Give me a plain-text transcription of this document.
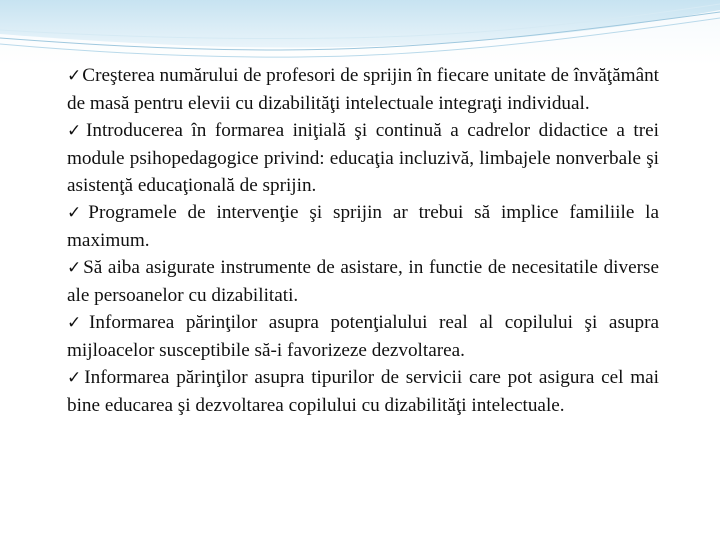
✓Creşterea numărului de profesori de sprijin în fiecare unitate de învăţământ de masă pentru elevii cu dizabilităţi intelectuale integraţi individual.

✓Introducerea în formarea iniţială şi continuă a cadrelor didactice a trei module psihopedagogice privind: educaţia incluzivă, limbajele nonverbale şi asistenţă educaţională de sprijin.

✓Programele de intervenţie şi sprijin ar trebui să implice familiile la maximum.

✓Să aiba asigurate instrumente de asistare, in functie de necesitatile diverse ale persoanelor cu dizabilitati.

✓Informarea părinţilor asupra potenţialului real al copilului şi asupra mijloacelor susceptibile să-i favorizeze dezvoltarea.

✓Informarea părinţilor asupra tipurilor de servicii care pot asigura cel mai bine educarea şi dezvoltarea copilului cu dizabilităţi intelectuale.
